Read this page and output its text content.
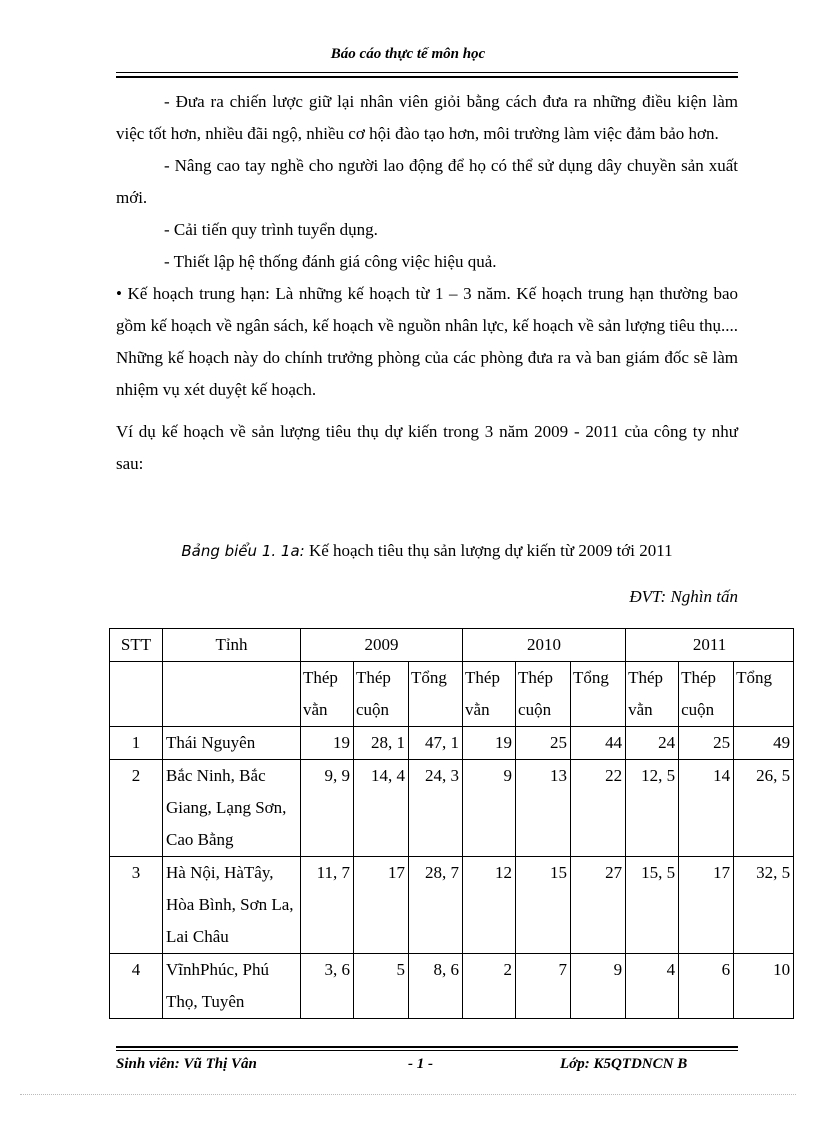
Báo cáo thực tế môn học

- Đưa ra chiến lược giữ lại nhân viên giỏi bằng cách đưa ra những điều kiện làm việc tốt hơn, nhiều đãi ngộ, nhiều cơ hội đào tạo hơn, môi trường làm việc đảm bảo hơn.

- Nâng cao tay nghề cho người lao động để họ có thể sử dụng dây chuyền sản xuất mới.

- Cải tiến quy trình tuyển dụng.

- Thiết lập hệ thống đánh giá công việc hiệu quả.

• Kế hoạch trung hạn: Là những kế hoạch từ 1 – 3 năm. Kế hoạch trung hạn thường bao gồm kế hoạch về ngân sách, kế hoạch về nguồn nhân lực, kế hoạch về sản lượng tiêu thụ.... Những kế hoạch này do chính trưởng phòng của các phòng đưa ra và ban giám đốc sẽ làm nhiệm vụ xét duyệt kế hoạch.

Ví dụ kế hoạch về sản lượng tiêu thụ dự kiến trong 3 năm 2009 - 2011 của công ty như sau:

Bảng biểu 1. 1a: Kế hoạch tiêu thụ sản lượng dự kiến từ 2009 tới 2011
ĐVT: Nghìn tấn
STT	Tỉnh	2009			2010			2011		
		Thép vằn	Thép cuộn	Tổng	Thép vằn	Thép cuộn	Tổng	Thép vằn	Thép cuộn	Tổng
1	Thái Nguyên	19	28, 1	47, 1	19	25	44	24	25	49
2	Bắc Ninh, Bắc Giang, Lạng Sơn, Cao Bằng	9, 9	14, 4	24, 3	9	13	22	12, 5	14	26, 5
3	Hà Nội, HàTây, Hòa Bình, Sơn La, Lai Châu	11, 7	17	28, 7	12	15	27	15, 5	17	32, 5
4	VĩnhPhúc, Phú Thọ, Tuyên	3, 6	5	8, 6	2	7	9	4	6	10
Sinh viên: Vũ Thị Vân	- 1 -	Lớp: K5QTDNCN B
